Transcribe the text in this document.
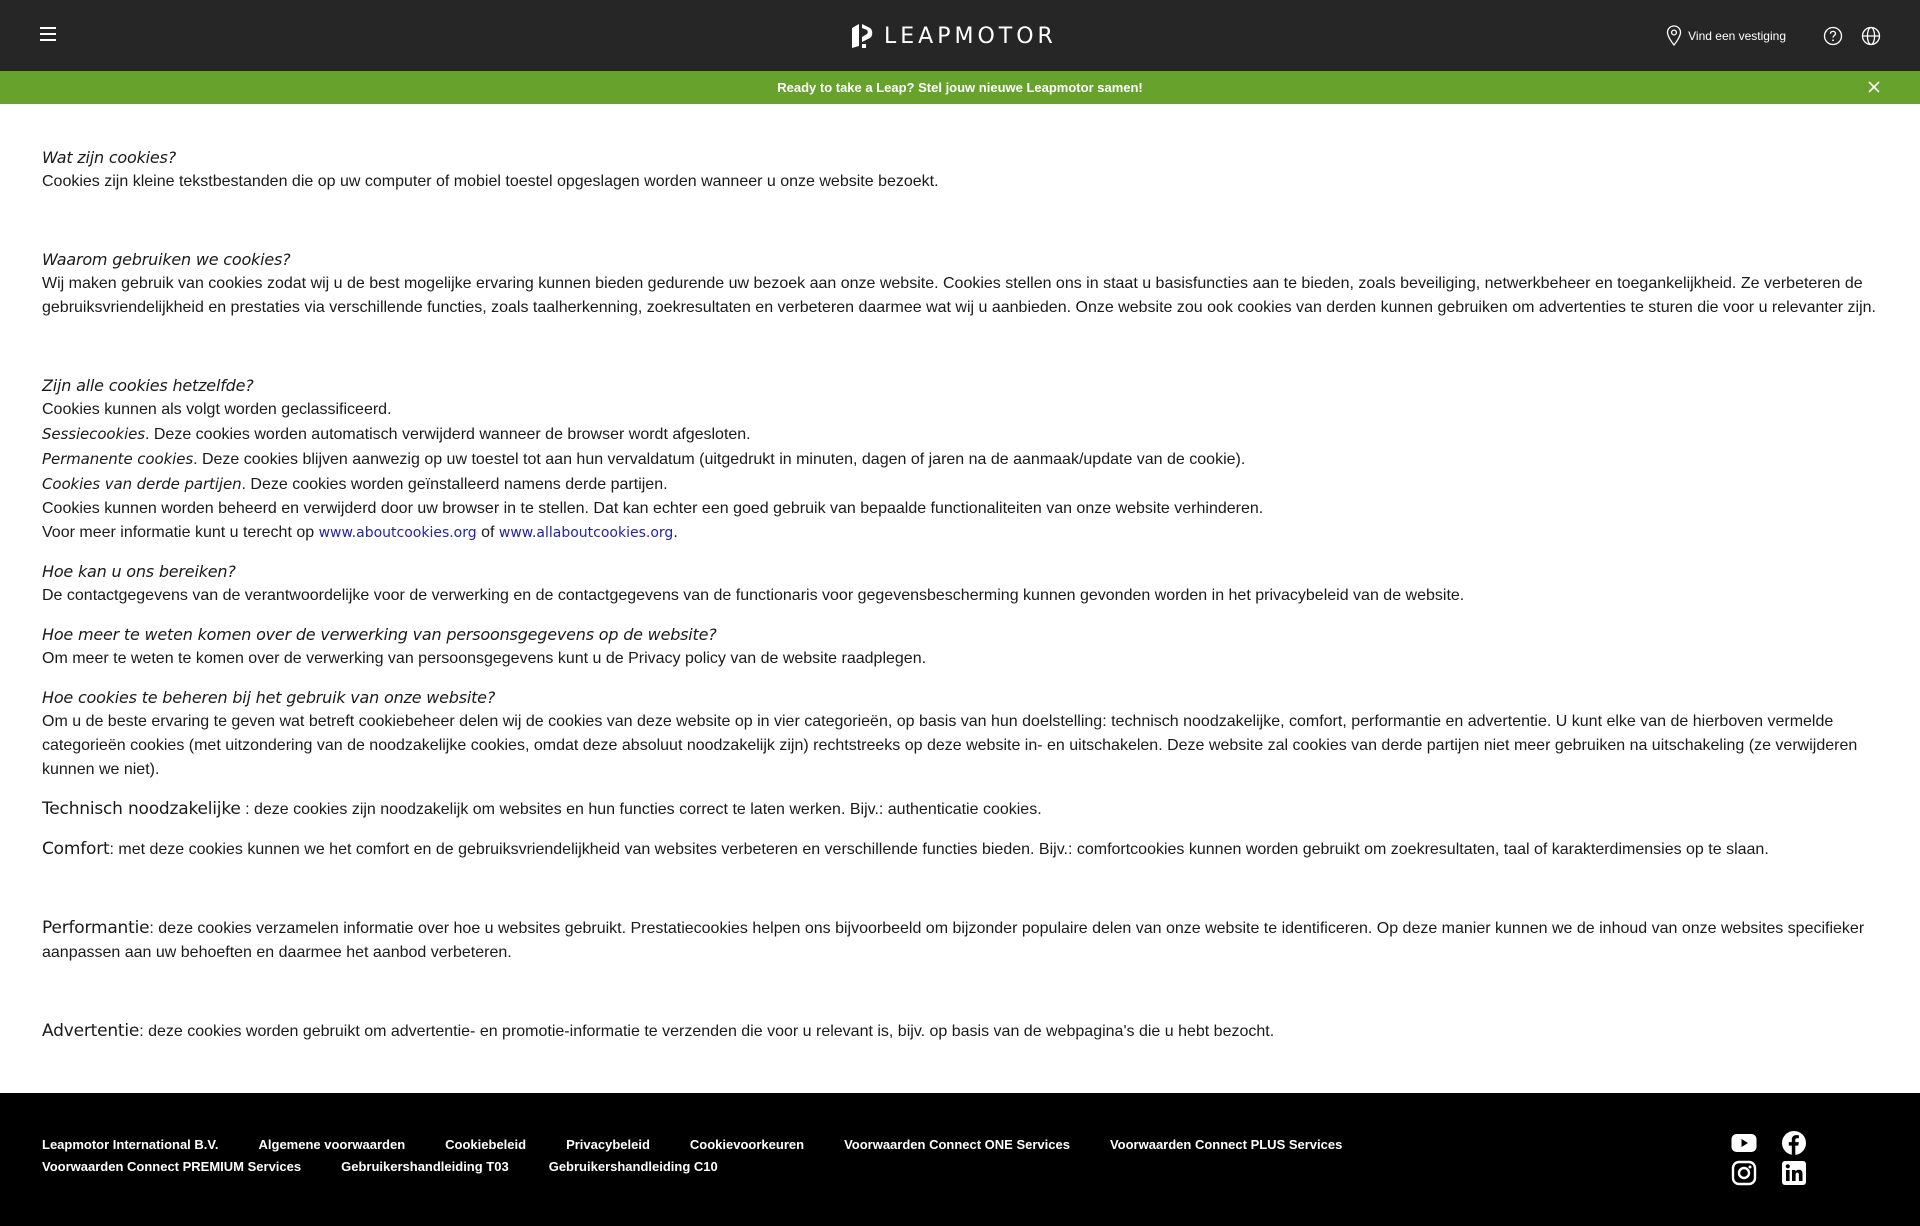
LEAPMOTOR	Vind een vestiging
Ready to take a Leap? Stel jouw nieuwe Leapmotor samen!
Wat zijn cookies?
Cookies zijn kleine tekstbestanden die op uw computer of mobiel toestel opgeslagen worden wanneer u onze website bezoekt.
Waarom gebruiken we cookies?
Wij maken gebruik van cookies zodat wij u de best mogelijke ervaring kunnen bieden gedurende uw bezoek aan onze website. Cookies stellen ons in staat u basisfuncties aan te bieden, zoals beveiliging, netwerkbeheer en toegankelijkheid. Ze verbeteren de gebruiksvriendelijkheid en prestaties via verschillende functies, zoals taalherkenning, zoekresultaten en verbeteren daarmee wat wij u aanbieden. Onze website zou ook cookies van derden kunnen gebruiken om advertenties te sturen die voor u relevanter zijn.
Zijn alle cookies hetzelfde?
Cookies kunnen als volgt worden geclassificeerd.
Sessiecookies. Deze cookies worden automatisch verwijderd wanneer de browser wordt afgesloten.
Permanente cookies. Deze cookies blijven aanwezig op uw toestel tot aan hun vervaldatum (uitgedrukt in minuten, dagen of jaren na de aanmaak/update van de cookie).
Cookies van derde partijen. Deze cookies worden geïnstalleerd namens derde partijen.
Cookies kunnen worden beheerd en verwijderd door uw browser in te stellen. Dat kan echter een goed gebruik van bepaalde functionaliteiten van onze website verhinderen.
Voor meer informatie kunt u terecht op www.aboutcookies.org of www.allaboutcookies.org.
Hoe kan u ons bereiken?
De contactgegevens van de verantwoordelijke voor de verwerking en de contactgegevens van de functionaris voor gegevensbescherming kunnen gevonden worden in het privacybeleid van de website.
Hoe meer te weten komen over de verwerking van persoonsgegevens op de website?
Om meer te weten te komen over de verwerking van persoonsgegevens kunt u de Privacy policy van de website raadplegen.
Hoe cookies te beheren bij het gebruik van onze website?
Om u de beste ervaring te geven wat betreft cookiebeheer delen wij de cookies van deze website op in vier categorieën, op basis van hun doelstelling: technisch noodzakelijke, comfort, performantie en advertentie. U kunt elke van de hierboven vermelde categorieën cookies (met uitzondering van de noodzakelijke cookies, omdat deze absoluut noodzakelijk zijn) rechtstreeks op deze website in- en uitschakelen. Deze website zal cookies van derde partijen niet meer gebruiken na uitschakeling (ze verwijderen kunnen we niet).
Technisch noodzakelijke : deze cookies zijn noodzakelijk om websites en hun functies correct te laten werken. Bijv.: authenticatie cookies.
Comfort: met deze cookies kunnen we het comfort en de gebruiksvriendelijkheid van websites verbeteren en verschillende functies bieden. Bijv.: comfortcookies kunnen worden gebruikt om zoekresultaten, taal of karakterdimensies op te slaan.
Performantie: deze cookies verzamelen informatie over hoe u websites gebruikt. Prestatiecookies helpen ons bijvoorbeeld om bijzonder populaire delen van onze website te identificeren. Op deze manier kunnen we de inhoud van onze websites specifieker aanpassen aan uw behoeften en daarmee het aanbod verbeteren.
Advertentie: deze cookies worden gebruikt om advertentie- en promotie-informatie te verzenden die voor u relevant is, bijv. op basis van de webpagina's die u hebt bezocht.
Leapmotor International B.V.	Algemene voorwaarden	Cookiebeleid	Privacybeleid	Cookievoorkeuren	Voorwaarden Connect ONE Services	Voorwaarden Connect PLUS Services
Voorwaarden Connect PREMIUM Services	Gebruikershandleiding T03	Gebruikershandleiding C10
